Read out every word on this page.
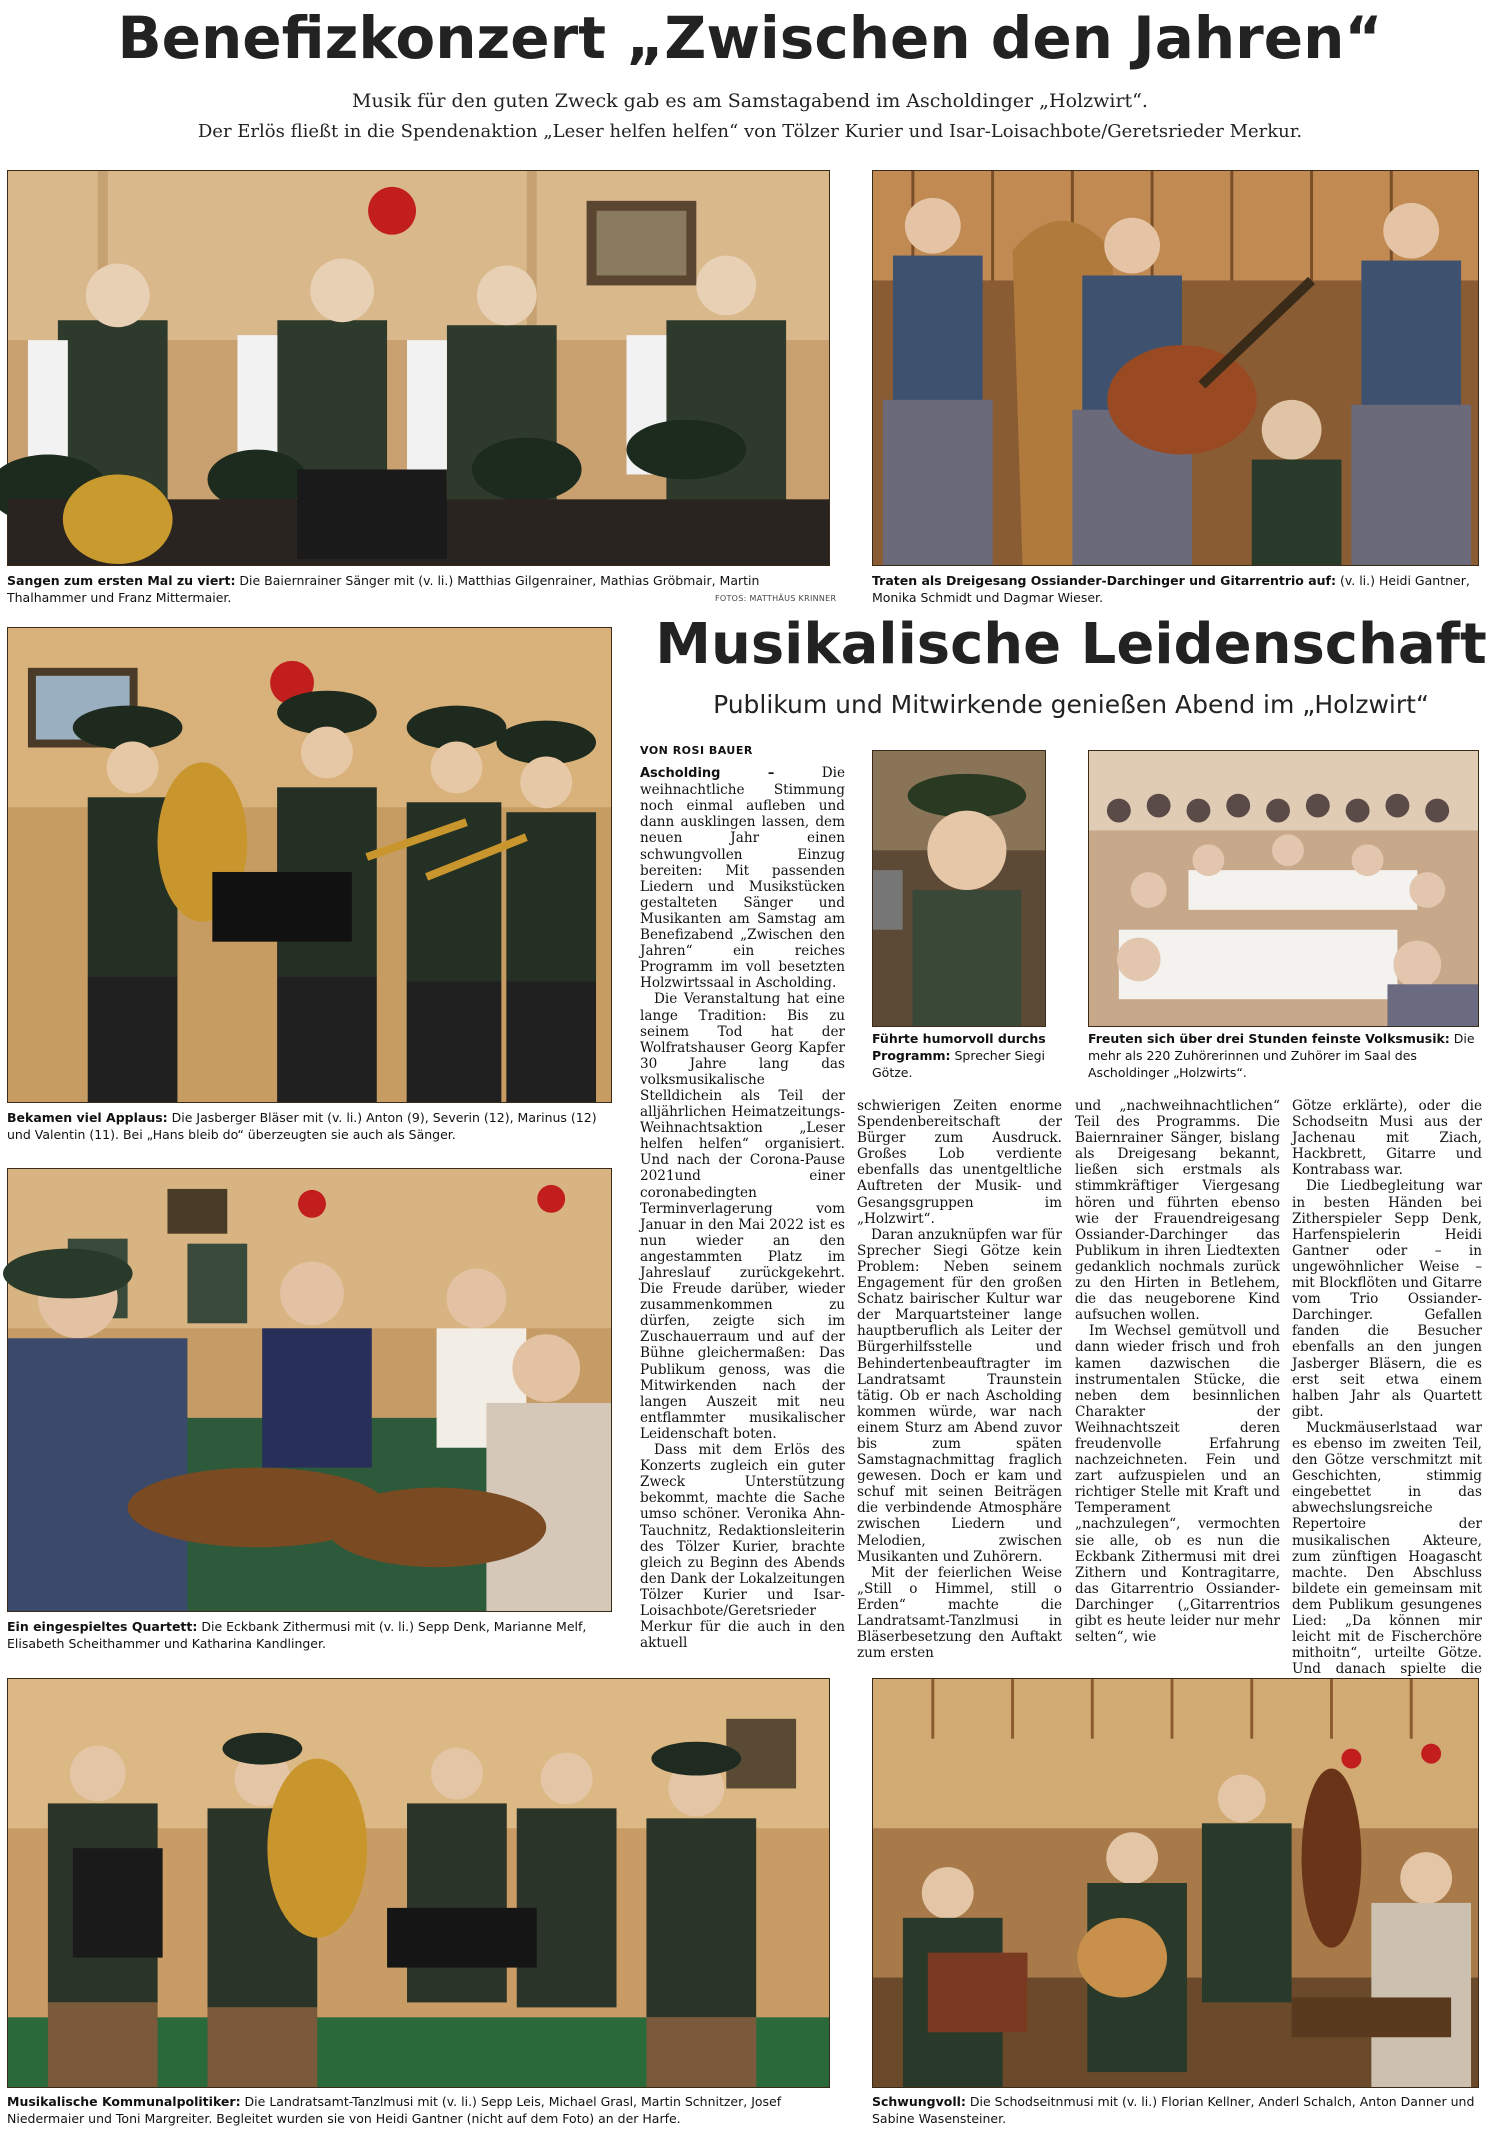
Benefizkonzert „Zwischen den Jahren“
Musik für den guten Zweck gab es am Samstagabend im Ascholdinger „Holzwirt“.
Der Erlös fließt in die Spendenaktion „Leser helfen helfen“ von Tölzer Kurier und Isar-Loisachbote/Geretsrieder Merkur.
Sangen zum ersten Mal zu viert: Die Baiernrainer Sänger mit (v. li.) Matthias Gilgenrainer, Mathias Gröbmair, Martin Thalhammer und Franz Mittermaier.	FOTOS: MATTHÄUS KRINNER
Traten als Dreigesang Ossiander-Darchinger und Gitarrentrio auf: (v. li.) Heidi Gantner, Monika Schmidt und Dagmar Wieser.
Bekamen viel Applaus: Die Jasberger Bläser mit (v. li.) Anton (9), Severin (12), Marinus (12) und Valentin (11). Bei „Hans bleib do“ überzeugten sie auch als Sänger.
Ein eingespieltes Quartett: Die Eckbank Zithermusi mit (v. li.) Sepp Denk, Marianne Melf, Elisabeth Scheithammer und Katharina Kandlinger.
Musikalische Leidenschaft
Publikum und Mitwirkende genießen Abend im „Holzwirt“
Führte humorvoll durchs Programm: Sprecher Siegi Götze.
Freuten sich über drei Stunden feinste Volksmusik: Die mehr als 220 Zuhörerinnen und Zuhörer im Saal des Ascholdinger „Holzwirts“.
VON ROSI BAUER

Ascholding –	Die weihnachtliche Stimmung noch einmal aufleben und dann ausklingen lassen, dem neuen Jahr einen schwungvollen Einzug bereiten: Mit passenden Liedern und Musikstücken gestalteten Sänger und Musikanten am Samstag am Benefizabend „Zwischen den Jahren“ ein reiches Programm im voll besetzten Holzwirtssaal in Ascholding.

Die Veranstaltung hat eine lange Tradition: Bis zu seinem Tod hat der Wolfratshauser Georg Kapfer 30 Jahre lang das volksmusikalische Stelldichein als Teil der alljährlichen Heimatzeitungs-Weihnachtsaktion „Leser helfen helfen“ organisiert. Und nach der Corona-Pause 2021und einer coronabedingten Terminverlagerung vom Januar in den Mai 2022 ist es nun wieder an den angestammten Platz im Jahreslauf zurückgekehrt. Die Freude darüber, wieder zusammenkommen zu dürfen, zeigte sich im Zuschauerraum und auf der Bühne gleichermaßen: Das Publikum genoss, was die Mitwirkenden nach der langen Auszeit mit neu entflammter musikalischer Leidenschaft boten.

Dass mit dem Erlös des Konzerts zugleich ein guter Zweck Unterstützung bekommt, machte die Sache umso schöner. Veronika Ahn-Tauchnitz, Redaktionsleiterin des Tölzer Kurier, brachte gleich zu Beginn des Abends den Dank der Lokalzeitungen Tölzer Kurier und Isar-Loisachbote/Geretsrieder Merkur für die auch in den aktuell

schwierigen Zeiten enorme Spendenbereitschaft der Bürger zum Ausdruck. Großes Lob verdiente ebenfalls das unentgeltliche Auftreten der Musik- und Gesangsgruppen im „Holzwirt“.

Daran anzuknüpfen war für Sprecher Siegi Götze kein Problem: Neben seinem Engagement für den großen Schatz bairischer Kultur war der Marquartsteiner lange hauptberuflich als Leiter der Bürgerhilfsstelle und Behindertenbeauftragter im Landratsamt Traunstein tätig. Ob er nach Ascholding kommen würde, war nach einem Sturz am Abend zuvor bis zum späten Samstagnachmittag fraglich gewesen. Doch er kam und schuf mit seinen Beiträgen die verbindende Atmosphäre zwischen Liedern und Melodien, zwischen Musikanten und Zuhörern.

Mit der feierlichen Weise „Still o Himmel, still o Erden“ machte die Landratsamt-Tanzlmusi in Bläserbesetzung den Auftakt zum ersten

und „nachweihnachtlichen“ Teil des Programms. Die Baiernrainer Sänger, bislang als Dreigesang bekannt, ließen sich erstmals als stimmkräftiger Viergesang hören und führten ebenso wie der Frauendreigesang Ossiander-Darchinger das Publikum in ihren Liedtexten gedanklich nochmals zurück zu den Hirten in Betlehem, die das neugeborene Kind aufsuchen wollen.

Im Wechsel gemütvoll und dann wieder frisch und froh kamen dazwischen die instrumentalen Stücke, die neben dem besinnlichen Charakter der Weihnachtszeit deren freudenvolle Erfahrung nachzeichneten. Fein und zart aufzuspielen und an richtiger Stelle mit Kraft und Temperament „nachzulegen“, vermochten sie alle, ob es nun die Eckbank Zithermusi mit drei Zithern und Kontragitarre, das Gitarrentrio Ossiander-Darchinger („Gitarrentrios gibt es heute leider nur mehr selten“, wie

Götze erklärte), oder die Schodseitn Musi aus der Jachenau mit Ziach, Hackbrett, Gitarre und Kontrabass war.

Die Liedbegleitung war in besten Händen bei Zitherspieler Sepp Denk, Harfenspielerin Heidi Gantner oder – in ungewöhnlicher Weise – mit Blockflöten und Gitarre vom Trio Ossiander-Darchinger. Gefallen fanden die Besucher ebenfalls an den jungen Jasberger Bläsern, die es erst seit etwa einem halben Jahr als Quartett gibt.

Muckmäuserlstaad war es ebenso im zweiten Teil, den Götze verschmitzt mit Geschichten, stimmig eingebettet in das abwechslungsreiche Repertoire der musikalischen Akteure, zum zünftigen Hoagascht machte. Den Abschluss bildete ein gemeinsam mit dem Publikum gesungenes Lied: „Da können mir leicht mit de Fischerchöre mithoitn“, urteilte Götze. Und danach spielte die

Musikalische Kommunalpolitiker: Die Landratsamt-Tanzlmusi mit (v. li.) Sepp Leis, Michael Grasl, Martin Schnitzer, Josef Niedermaier und Toni Margreiter. Begleitet wurden sie von Heidi Gantner (nicht auf dem Foto) an der Harfe.
Schwungvoll: Die Schodseitnmusi mit (v. li.) Florian Kellner, Anderl Schalch, Anton Danner und Sabine Wasensteiner.
